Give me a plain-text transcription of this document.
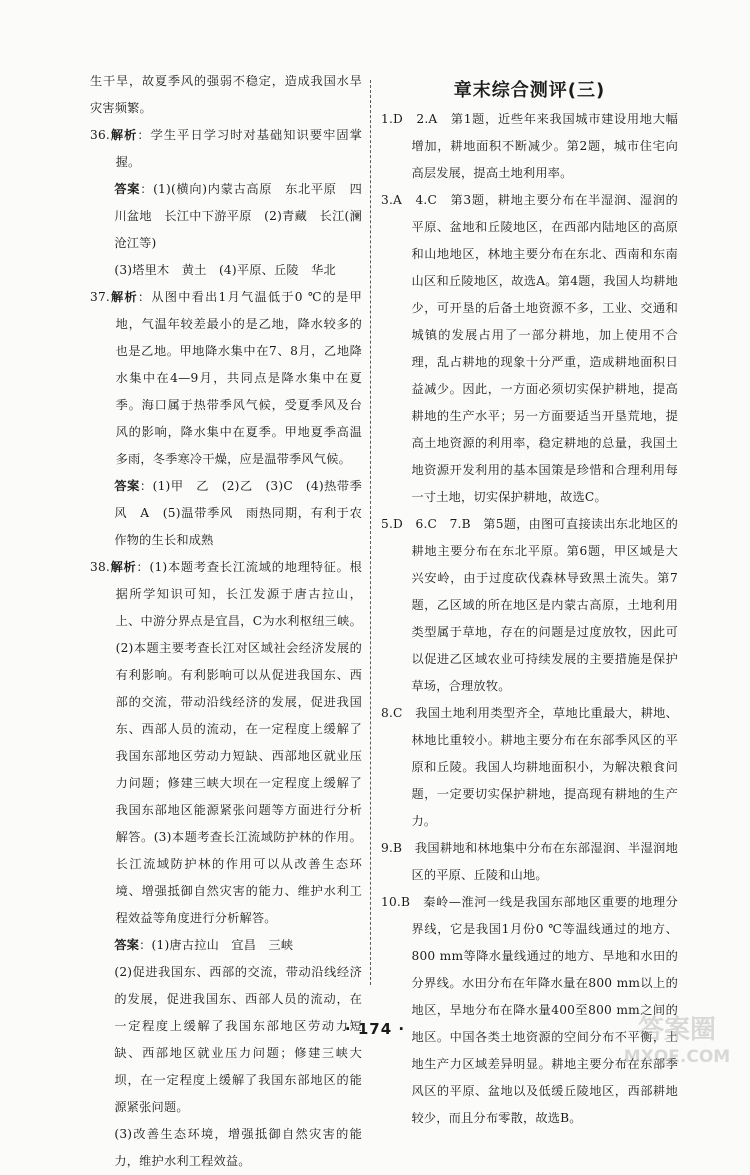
生干旱，故夏季风的强弱不稳定，造成我国水旱灾害频繁。

36.解析：学生平日学习时对基础知识要牢固掌握。

答案：(1)(横向)内蒙古高原　东北平原　四川盆地　长江中下游平原　(2)青藏　长江(澜沧江等)

(3)塔里木　黄土　(4)平原、丘陵　华北

37.解析：从图中看出1月气温低于0 ℃的是甲地，气温年较差最小的是乙地，降水较多的也是乙地。甲地降水集中在7、8月，乙地降水集中在4—9月，共同点是降水集中在夏季。海口属于热带季风气候，受夏季风及台风的影响，降水集中在夏季。甲地夏季高温多雨，冬季寒冷干燥，应是温带季风气候。

答案：(1)甲　乙　(2)乙　(3)C　(4)热带季风　A　(5)温带季风　雨热同期，有利于农作物的生长和成熟

38.解析：(1)本题考查长江流域的地理特征。根据所学知识可知，长江发源于唐古拉山，上、中游分界点是宜昌，C为水利枢纽三峡。(2)本题主要考查长江对区域社会经济发展的有利影响。有利影响可以从促进我国东、西部的交流，带动沿线经济的发展，促进我国东、西部人员的流动，在一定程度上缓解了我国东部地区劳动力短缺、西部地区就业压力问题；修建三峡大坝在一定程度上缓解了我国东部地区能源紧张问题等方面进行分析解答。(3)本题考查长江流域防护林的作用。长江流域防护林的作用可以从改善生态环境、增强抵御自然灾害的能力、维护水利工程效益等角度进行分析解答。

答案：(1)唐古拉山　宜昌　三峡

(2)促进我国东、西部的交流，带动沿线经济的发展，促进我国东、西部人员的流动，在一定程度上缓解了我国东部地区劳动力短缺、西部地区就业压力问题；修建三峡大坝，在一定程度上缓解了我国东部地区的能源紧张问题。

(3)改善生态环境，增强抵御自然灾害的能力，维护水利工程效益。

章末综合测评(三)

1.D　2.A　第1题，近些年来我国城市建设用地大幅增加，耕地面积不断减少。第2题，城市住宅向高层发展，提高土地利用率。

3.A　4.C　第3题，耕地主要分布在半湿润、湿润的平原、盆地和丘陵地区，在西部内陆地区的高原和山地地区，林地主要分布在东北、西南和东南山区和丘陵地区，故选A。第4题，我国人均耕地少，可开垦的后备土地资源不多，工业、交通和城镇的发展占用了一部分耕地，加上使用不合理，乱占耕地的现象十分严重，造成耕地面积日益减少。因此，一方面必须切实保护耕地，提高耕地的生产水平；另一方面要适当开垦荒地，提高土地资源的利用率，稳定耕地的总量，我国土地资源开发利用的基本国策是珍惜和合理利用每一寸土地，切实保护耕地，故选C。

5.D　6.C　7.B　第5题，由图可直接读出东北地区的耕地主要分布在东北平原。第6题，甲区域是大兴安岭，由于过度砍伐森林导致黑土流失。第7题，乙区域的所在地区是内蒙古高原，土地利用类型属于草地，存在的问题是过度放牧，因此可以促进乙区域农业可持续发展的主要措施是保护草场，合理放牧。

8.C　我国土地利用类型齐全，草地比重最大，耕地、林地比重较小。耕地主要分布在东部季风区的平原和丘陵。我国人均耕地面积小，为解决粮食问题，一定要切实保护耕地，提高现有耕地的生产力。

9.B　我国耕地和林地集中分布在东部湿润、半湿润地区的平原、丘陵和山地。

10.B　秦岭—淮河一线是我国东部地区重要的地理分界线，它是我国1月份0 ℃等温线通过的地方、800 mm等降水量线通过的地方、旱地和水田的分界线。水田分布在年降水量在800 mm以上的地区，旱地分布在降水量400至800 mm之间的地区。中国各类土地资源的空间分布不平衡，土地生产力区域差异明显。耕地主要分布在东部季风区的平原、盆地以及低缓丘陵地区，西部耕地较少，而且分布零散，故选B。

· 174 ·	答案圈
MXQE.COM
